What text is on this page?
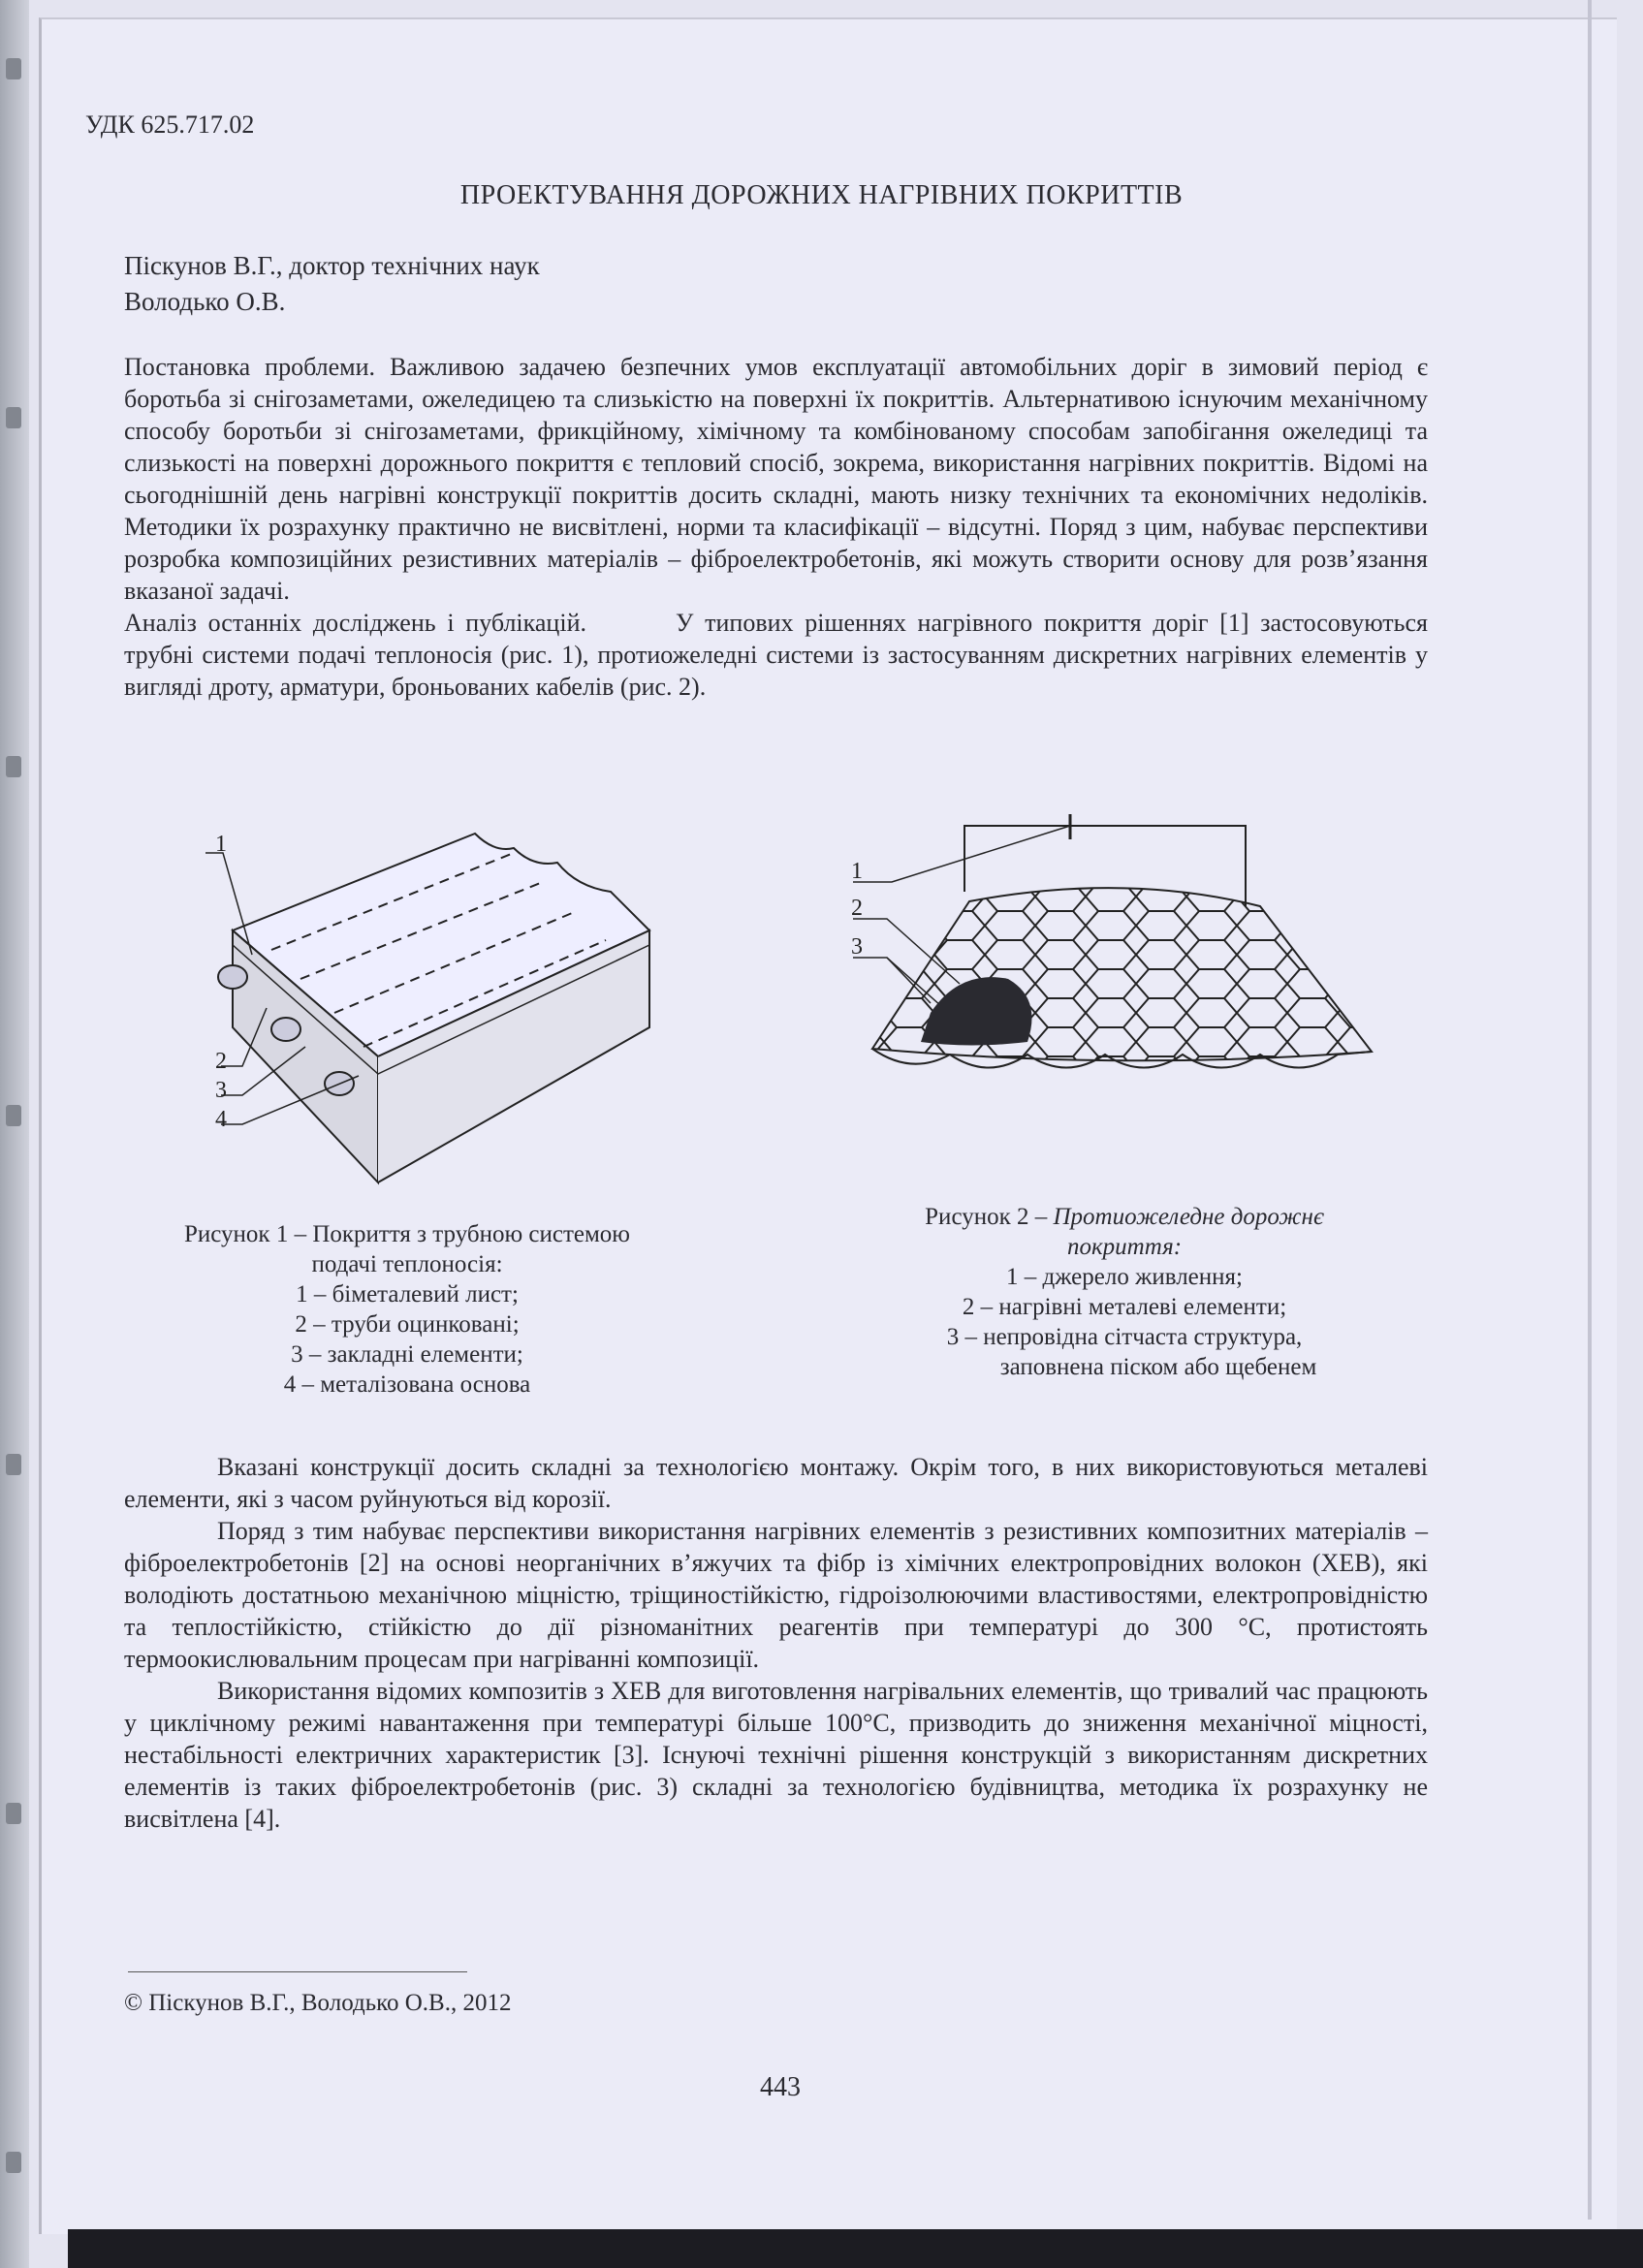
УДК 625.717.02
ПРОЕКТУВАННЯ ДОРОЖНИХ НАГРІВНИХ ПОКРИТТІВ
Піскунов В.Г., доктор технічних наук
Володько О.В.

Постановка проблеми. Важливою задачею безпечних умов експлуатації автомобільних доріг в зимовий період є боротьба зі снігозаметами, ожеледицею та слизькістю на поверхні їх покриттів. Альтернативою існуючим механічному способу боротьби зі снігозаметами, фрикційному, хімічному та комбінованому способам запобігання ожеледиці та слизькості на поверхні дорожнього покриття є тепловий спосіб, зокрема, використання нагрівних покриттів. Відомі на сьогоднішній день нагрівні конструкції покриттів досить складні, мають низку технічних та економічних недоліків. Методики їх розрахунку практично не висвітлені, норми та класифікації – відсутні. Поряд з цим, набуває перспективи розробка композиційних резистивних матеріалів – фіброелектробетонів, які можуть створити основу для розв’язання вказаної задачі.

Аналіз останніх досліджень і публікацій.	У типових рішеннях нагрівного покриття доріг [1] застосовуються трубні системи подачі теплоносія (рис. 1), протиожеледні системи із застосуванням дискретних нагрівних елементів у вигляді дроту, арматури, броньованих кабелів (рис. 2).

1
2
3
4
Рисунок 1 – Покриття з трубною системою
подачі теплоносія:
1 – біметалевий лист;
2 – труби оцинковані;
3 – закладні елементи;
4 – металізована основа
1
2
3
Рисунок 2 – Протиожеледне дорожнє
покриття:
1 – джерело живлення;
2 – нагрівні металеві елементи;
3 – непровідна сітчаста структура,
заповнена піском або щебенем

Вказані конструкції досить складні за технологією монтажу. Окрім того, в них використовуються металеві елементи, які з часом руйнуються від корозії.

Поряд з тим набуває перспективи використання нагрівних елементів з резистивних композитних матеріалів – фіброелектробетонів [2] на основі неорганічних в’яжучих та фібр із хімічних електропровідних волокон (ХЕВ), які володіють достатньою механічною міцністю, тріщиностійкістю, гідроізолюючими властивостями, електропровідністю та теплостійкістю, стійкістю до дії різноманітних реагентів при температурі до 300 °С, протистоять термоокислювальним процесам при нагріванні композиції.

Використання відомих композитів з ХЕВ для виготовлення нагрівальних елементів, що тривалий час працюють у циклічному режимі навантаження при температурі більше 100°С, призводить до зниження механічної міцності, нестабільності електричних характеристик [3]. Існуючі технічні рішення конструкцій з використанням дискретних елементів із таких фіброелектробетонів (рис. 3) складні за технологією будівництва, методика їх розрахунку не висвітлена [4].

© Піскунов В.Г., Володько О.В., 2012
443
